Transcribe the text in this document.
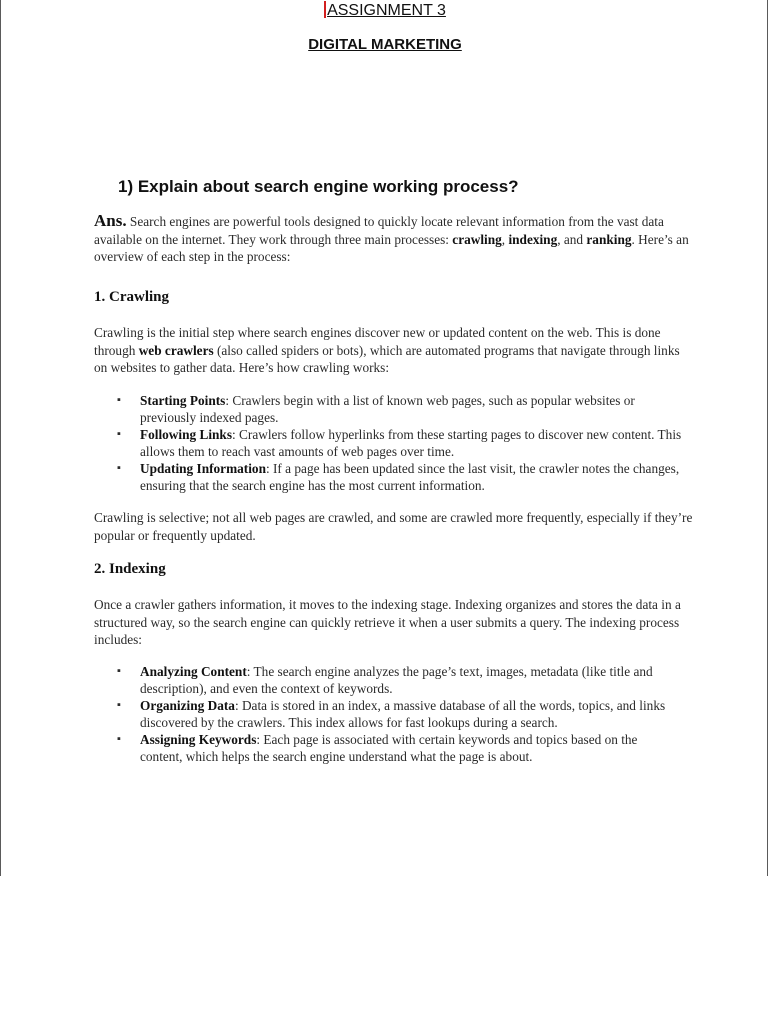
ASSIGNMENT 3
DIGITAL MARKETING
1) Explain about search engine working process?
Ans. Search engines are powerful tools designed to quickly locate relevant information from the vast data available on the internet. They work through three main processes: crawling, indexing, and ranking. Here’s an overview of each step in the process:
1. Crawling
Crawling is the initial step where search engines discover new or updated content on the web. This is done through web crawlers (also called spiders or bots), which are automated programs that navigate through links on websites to gather data. Here’s how crawling works:
▪ Starting Points: Crawlers begin with a list of known web pages, such as popular websites or previously indexed pages.
▪ Following Links: Crawlers follow hyperlinks from these starting pages to discover new content. This allows them to reach vast amounts of web pages over time.
▪ Updating Information: If a page has been updated since the last visit, the crawler notes the changes, ensuring that the search engine has the most current information.
Crawling is selective; not all web pages are crawled, and some are crawled more frequently, especially if they’re popular or frequently updated.
2. Indexing
Once a crawler gathers information, it moves to the indexing stage. Indexing organizes and stores the data in a structured way, so the search engine can quickly retrieve it when a user submits a query. The indexing process includes:
▪ Analyzing Content: The search engine analyzes the page’s text, images, metadata (like title and description), and even the context of keywords.
▪ Organizing Data: Data is stored in an index, a massive database of all the words, topics, and links discovered by the crawlers. This index allows for fast lookups during a search.
▪ Assigning Keywords: Each page is associated with certain keywords and topics based on the content, which helps the search engine understand what the page is about.
